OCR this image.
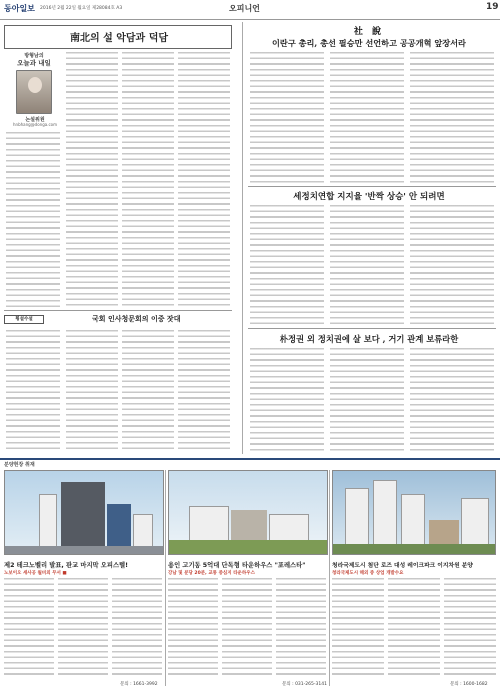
동아일보 2016년 2월 22일 월요일 제28084호 A3	오피니언	19
南北의 설 악담과 덕담
방형남의
오늘과 내일
논설위원
hnbhang@donga.com
횡설수설	국회 인사청문회의 이중 잣대
社 說
이란구 총리, 총선 필승만 선언하고 공공개혁 앞장서라
세정치연합 지지율 '반짝 상승' 안 되려면
朴정권 외 정치권에 살 보다 , 거기 관계 보류라한
분양현장 취재
제2 테크노벨리 발표, 판교 마지막 오피스텔!
노보이오 세사공 월비외 무서 ■
용인 고기동 5억대 단독형 타운하우스 "포레스타"
강남 및 분당 20분, 교통 중심지 타운하우스
청라국제도시 첨단 로즈 대성 레이크파크 이지차원 분양
청라국제도시 해외 중 상업 개발수요
문의 : 1661-3992	문의 : 031-265-3141	문의 : 1600-1682
